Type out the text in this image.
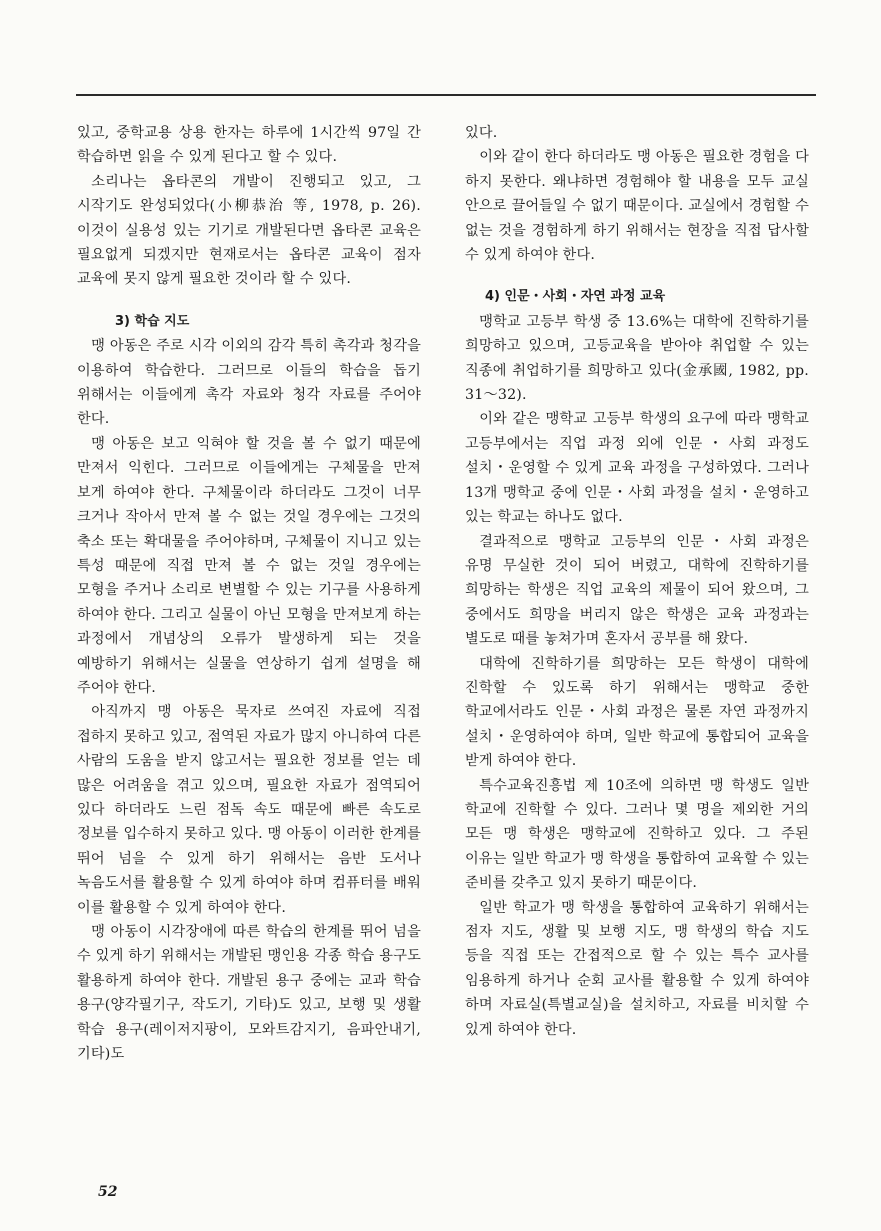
있고, 중학교용 상용 한자는 하루에 1시간씩 97일 간 학습하면 읽을 수 있게 된다고 할 수 있다.

소리나는 옵타콘의 개발이 진행되고 있고, 그 시작기도 완성되었다(小柳恭治 等, 1978, p. 26). 이것이 실용성 있는 기기로 개발된다면 옵타콘 교육은 필요없게 되겠지만 현재로서는 옵타콘 교육이 점자 교육에 못지 않게 필요한 것이라 할 수 있다.

3) 학습 지도

맹 아동은 주로 시각 이외의 감각 특히 촉각과 청각을 이용하여 학습한다. 그러므로 이들의 학습을 돕기 위해서는 이들에게 촉각 자료와 청각 자료를 주어야 한다.

맹 아동은 보고 익혀야 할 것을 볼 수 없기 때문에 만져서 익힌다. 그러므로 이들에게는 구체물을 만져 보게 하여야 한다. 구체물이라 하더라도 그것이 너무 크거나 작아서 만져 볼 수 없는 것일 경우에는 그것의 축소 또는 확대물을 주어야하며, 구체물이 지니고 있는 특성 때문에 직접 만져 볼 수 없는 것일 경우에는 모형을 주거나 소리로 변별할 수 있는 기구를 사용하게 하여야 한다. 그리고 실물이 아닌 모형을 만져보게 하는 과정에서 개념상의 오류가 발생하게 되는 것을 예방하기 위해서는 실물을 연상하기 쉽게 설명을 해 주어야 한다.

아직까지 맹 아동은 묵자로 쓰여진 자료에 직접 접하지 못하고 있고, 점역된 자료가 많지 아니하여 다른 사람의 도움을 받지 않고서는 필요한 정보를 얻는 데 많은 어려움을 겪고 있으며, 필요한 자료가 점역되어 있다 하더라도 느린 점독 속도 때문에 빠른 속도로 정보를 입수하지 못하고 있다. 맹 아동이 이러한 한계를 뛰어 넘을 수 있게 하기 위해서는 음반 도서나 녹음도서를 활용할 수 있게 하여야 하며 컴퓨터를 배워 이를 활용할 수 있게 하여야 한다.

맹 아동이 시각장애에 따른 학습의 한계를 뛰어 넘을 수 있게 하기 위해서는 개발된 맹인용 각종 학습 용구도 활용하게 하여야 한다. 개발된 용구 중에는 교과 학습 용구(양각필기구, 작도기, 기타)도 있고, 보행 및 생활 학습 용구(레이저지팡이, 모와트감지기, 음파안내기, 기타)도

있다.

이와 같이 한다 하더라도 맹 아동은 필요한 경험을 다 하지 못한다. 왜냐하면 경험해야 할 내용을 모두 교실 안으로 끌어들일 수 없기 때문이다. 교실에서 경험할 수 없는 것을 경험하게 하기 위해서는 현장을 직접 답사할 수 있게 하여야 한다.

4) 인문・사회・자연 과정 교육

맹학교 고등부 학생 중 13.6%는 대학에 진학하기를 희망하고 있으며, 고등교육을 받아야 취업할 수 있는 직종에 취업하기를 희망하고 있다(金承國, 1982, pp. 31～32).

이와 같은 맹학교 고등부 학생의 요구에 따라 맹학교 고등부에서는 직업 과정 외에 인문・사회 과정도 설치・운영할 수 있게 교육 과정을 구성하였다. 그러나 13개 맹학교 중에 인문・사회 과정을 설치・운영하고 있는 학교는 하나도 없다.

결과적으로 맹학교 고등부의 인문・사회 과정은 유명 무실한 것이 되어 버렸고, 대학에 진학하기를 희망하는 학생은 직업 교육의 제물이 되어 왔으며, 그 중에서도 희망을 버리지 않은 학생은 교육 과정과는 별도로 때를 놓쳐가며 혼자서 공부를 해 왔다.

대학에 진학하기를 희망하는 모든 학생이 대학에 진학할 수 있도록 하기 위해서는 맹학교 중한 학교에서라도 인문・사회 과정은 물론 자연 과정까지 설치・운영하여야 하며, 일반 학교에 통합되어 교육을 받게 하여야 한다.

특수교육진흥법 제 10조에 의하면 맹 학생도 일반 학교에 진학할 수 있다. 그러나 몇 명을 제외한 거의 모든 맹 학생은 맹학교에 진학하고 있다. 그 주된 이유는 일반 학교가 맹 학생을 통합하여 교육할 수 있는 준비를 갖추고 있지 못하기 때문이다.

일반 학교가 맹 학생을 통합하여 교육하기 위해서는 점자 지도, 생활 및 보행 지도, 맹 학생의 학습 지도 등을 직접 또는 간접적으로 할 수 있는 특수 교사를 임용하게 하거나 순회 교사를 활용할 수 있게 하여야 하며 자료실(특별교실)을 설치하고, 자료를 비치할 수 있게 하여야 한다.

52
